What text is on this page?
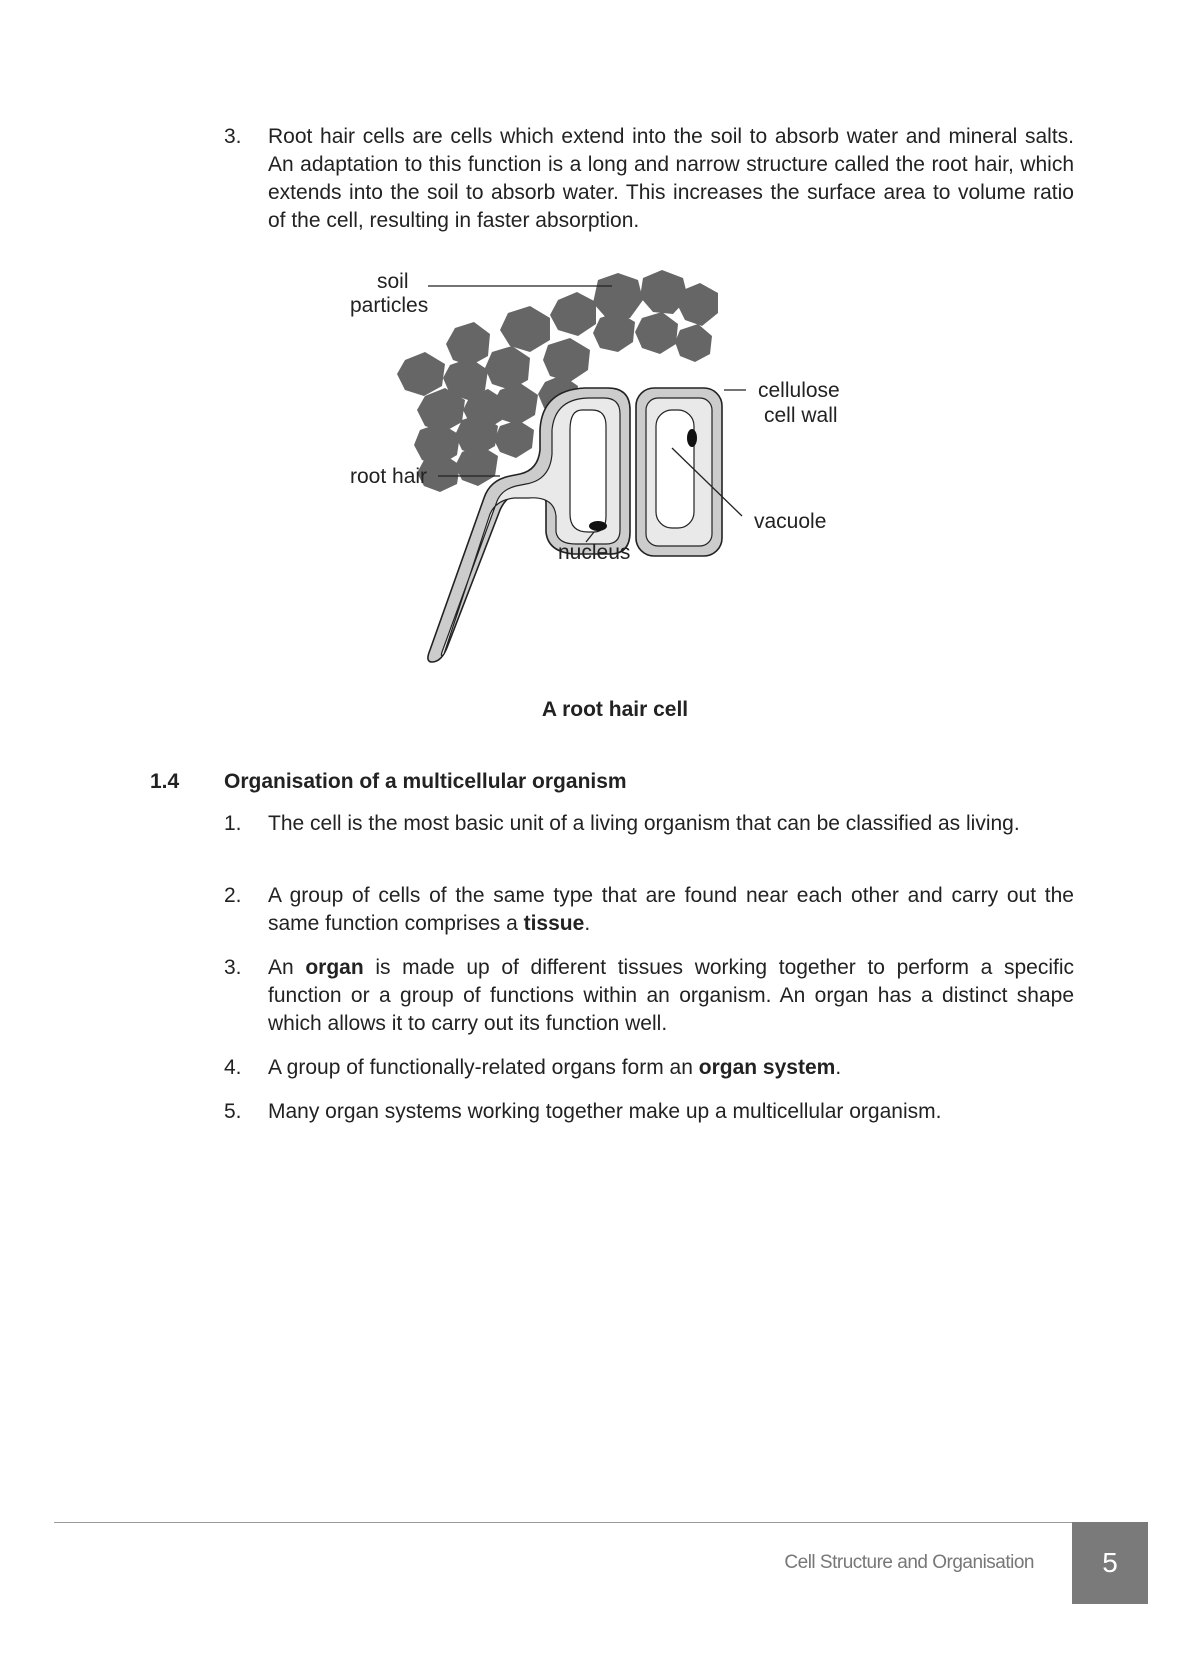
3. Root hair cells are cells which extend into the soil to absorb water and mineral salts. An adaptation to this function is a long and narrow structure called the root hair, which extends into the soil to absorb water. This increases the surface area to volume ratio of the cell, resulting in faster absorption.

soil
particles
cellulose
cell wall
root hair
vacuole
nucleus
A root hair cell
1.4 Organisation of a multicellular organism
1. The cell is the most basic unit of a living organism that can be classified as living.

2. A group of cells of the same type that are found near each other and carry out the same function comprises a tissue.

3. An organ is made up of different tissues working together to perform a specific function or a group of functions within an organism. An organ has a distinct shape which allows it to carry out its function well.

4. A group of functionally-related organs form an organ system.

5. Many organ systems working together make up a multicellular organism.

Cell Structure and Organisation	5
